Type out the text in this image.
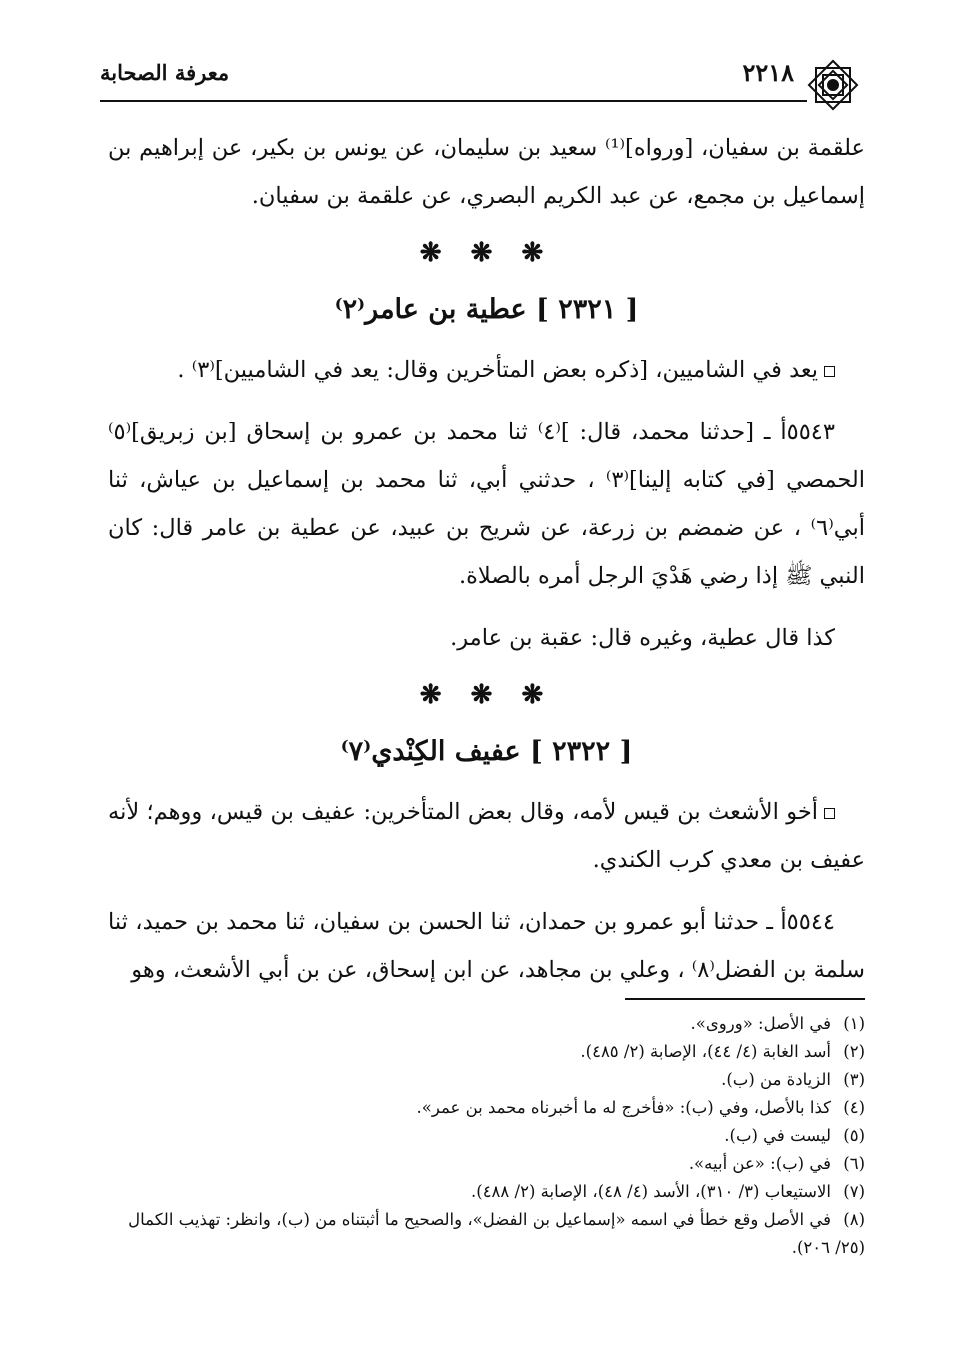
معرفة الصحابة	٢٢١٨

علقمة بن سفيان، [ورواه]⁽¹⁾ سعيد بن سليمان، عن يونس بن بكير، عن إبراهيم بن إسماعيل بن مجمع، عن عبد الكريم البصري، عن علقمة بن سفيان.

❋ ❋ ❋
[ ٢٣٢١ ] عطية بن عامر⁽٢⁾

يعد في الشاميين، [ذكره بعض المتأخرين وقال: يعد في الشاميين]⁽٣⁾ .

٥٥٤٣أ ـ [حدثنا محمد، قال: ]⁽٤⁾ ثنا محمد بن عمرو بن إسحاق [بن زبريق]⁽٥⁾ الحمصي [في كتابه إلينا]⁽٣⁾ ، حدثني أبي، ثنا محمد بن إسماعيل بن عياش، ثنا أبي⁽٦⁾ ، عن ضمضم بن زرعة، عن شريح بن عبيد، عن عطية بن عامر قال: كان النبي ﷺ إذا رضي هَدْيَ الرجل أمره بالصلاة.

كذا قال عطية، وغيره قال: عقبة بن عامر.

❋ ❋ ❋
[ ٢٣٢٢ ] عفيف الكِنْدي⁽٧⁾

أخو الأشعث بن قيس لأمه، وقال بعض المتأخرين: عفيف بن قيس، ووهم؛ لأنه عفيف بن معدي كرب الكندي.

٥٥٤٤أ ـ حدثنا أبو عمرو بن حمدان، ثنا الحسن بن سفيان، ثنا محمد بن حميد، ثنا سلمة بن الفضل⁽٨⁾ ، وعلي بن مجاهد، عن ابن إسحاق، عن بن أبي الأشعث، وهو

(١)في الأصل: «وروى».

(٢)أسد الغابة (٤/ ٤٤)، الإصابة (٢/ ٤٨٥).

(٣)الزيادة من (ب).

(٤)كذا بالأصل، وفي (ب): «فأخرج له ما أخبرناه محمد بن عمر».

(٥)ليست في (ب).

(٦)في (ب): «عن أبيه».

(٧)الاستيعاب (٣/ ٣١٠)، الأسد (٤/ ٤٨)، الإصابة (٢/ ٤٨٨).

(٨)في الأصل وقع خطأ في اسمه «إسماعيل بن الفضل»، والصحيح ما أثبتناه من (ب)، وانظر: تهذيب الكمال (٢٥/ ٢٠٦).
